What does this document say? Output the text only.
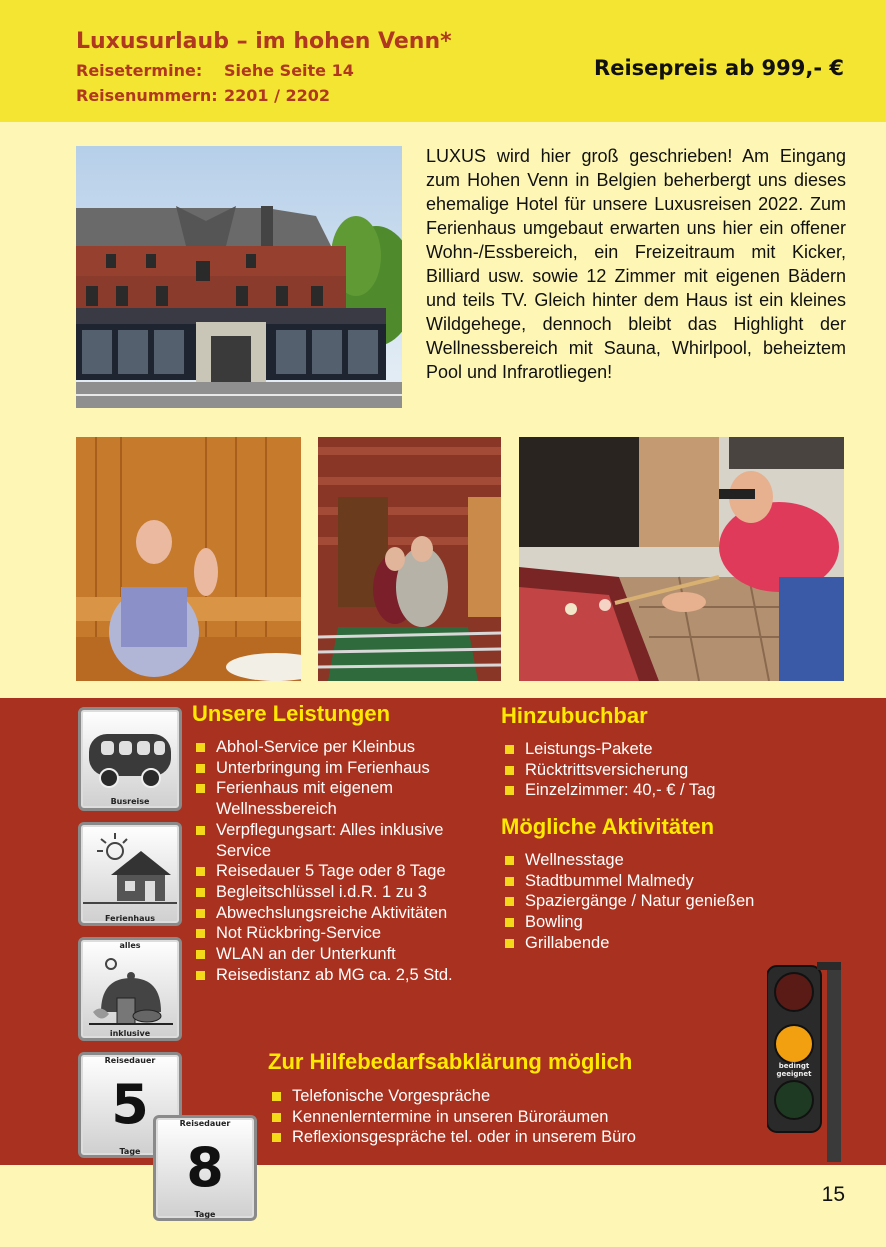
Luxusurlaub – im hohen Venn*
Reisetermine: Siehe Seite 14
Reisenummern: 2201 / 2202
Reisepreis ab 999,- €
LUXUS wird hier groß geschrieben! Am Eingang zum Hohen Venn in Belgien beherbergt uns dieses ehemalige Hotel für unsere Luxusreisen 2022. Zum Ferienhaus umgebaut erwarten uns hier ein offener Wohn-/Essbereich, ein Freizeitraum mit Kicker, Billiard usw. sowie 12 Zimmer mit eigenen Bädern und teils TV. Gleich hinter dem Haus ist ein kleines Wildgehege, dennoch bleibt das Highlight der Wellnessbereich mit Sauna, Whirlpool, beheiztem Pool und Infrarotliegen!
Busreise
Ferienhaus
alles
inklusive
Reisedauer
5
Tage
Reisedauer
8
Tage
Unsere Leistungen
Abhol-Service per Kleinbus
Unterbringung im Ferienhaus
Ferienhaus mit eigenem Wellnessbereich
Verpflegungsart: Alles inklusive Service
Reisedauer 5 Tage oder 8 Tage
Begleitschlüssel i.d.R. 1 zu 3
Abwechslungsreiche Aktivitäten
Not Rückbring-Service
WLAN an der Unterkunft
Reisedistanz ab MG ca. 2,5 Std.
Hinzubuchbar
Leistungs-Pakete
Rücktrittsversicherung
Einzelzimmer: 40,- € / Tag
Mögliche Aktivitäten
Wellnesstage
Stadtbummel Malmedy
Spaziergänge / Natur genießen
Bowling
Grillabende
bedingt
geeignet
Zur Hilfebedarfsabklärung möglich
Telefonische Vorgespräche
Kennenlerntermine in unseren Büroräumen
Reflexionsgespräche tel. oder in unserem Büro
15
